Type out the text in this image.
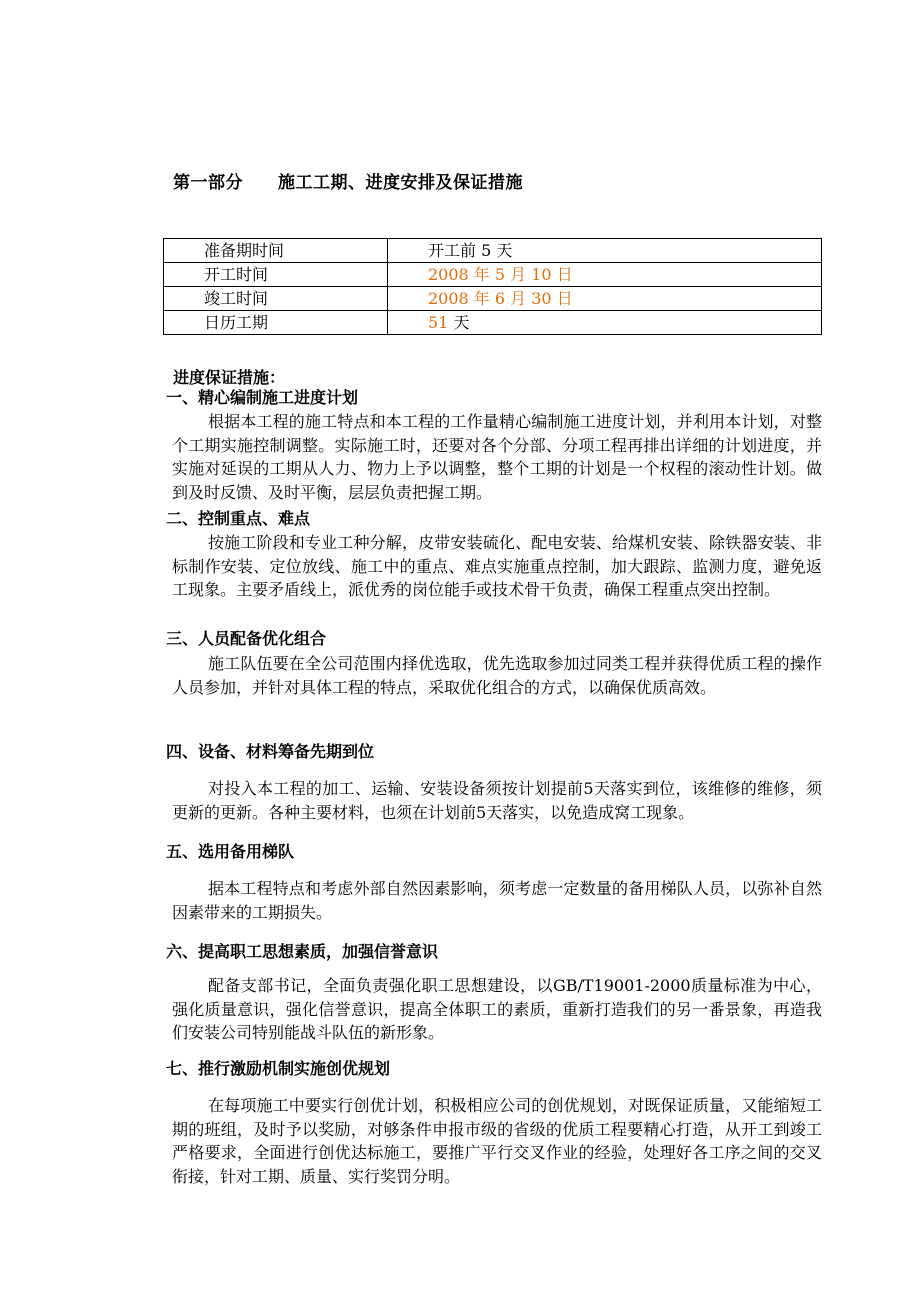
第一部分　　施工工期、进度安排及保证措施
准备期时间	开工前 5 天
开工时间	2008 年 5 月 10 日
竣工时间	2008 年 6 月 30 日
日历工期	51 天
进度保证措施：
一、精心编制施工进度计划

根据本工程的施工特点和本工程的工作量精心编制施工进度计划，并利用本计划，对整个工期实施控制调整。实际施工时，还要对各个分部、分项工程再排出详细的计划进度，并实施对延误的工期从人力、物力上予以调整，整个工期的计划是一个权程的滚动性计划。做到及时反馈、及时平衡，层层负责把握工期。

二、控制重点、难点

按施工阶段和专业工种分解，皮带安装硫化、配电安装、给煤机安装、除铁器安装、非标制作安装、定位放线、施工中的重点、难点实施重点控制，加大跟踪、监测力度，避免返工现象。主要矛盾线上，派优秀的岗位能手或技术骨干负责，确保工程重点突出控制。

三、人员配备优化组合

施工队伍要在全公司范围内择优选取，优先选取参加过同类工程并获得优质工程的操作人员参加，并针对具体工程的特点，采取优化组合的方式，以确保优质高效。

四、设备、材料筹备先期到位

对投入本工程的加工、运输、安装设备须按计划提前5天落实到位，该维修的维修，须更新的更新。各种主要材料，也须在计划前5天落实，以免造成窝工现象。

五、选用备用梯队

据本工程特点和考虑外部自然因素影响，须考虑一定数量的备用梯队人员，以弥补自然因素带来的工期损失。

六、提高职工思想素质，加强信誉意识

配备支部书记，全面负责强化职工思想建设，以GB/T19001-2000质量标准为中心，强化质量意识，强化信誉意识，提高全体职工的素质，重新打造我们的另一番景象，再造我们安装公司特别能战斗队伍的新形象。

七、推行激励机制实施创优规划

在每项施工中要实行创优计划，积极相应公司的创优规划，对既保证质量，又能缩短工期的班组，及时予以奖励，对够条件申报市级的省级的优质工程要精心打造，从开工到竣工严格要求，全面进行创优达标施工，要推广平行交叉作业的经验，处理好各工序之间的交叉衔接，针对工期、质量、实行奖罚分明。
